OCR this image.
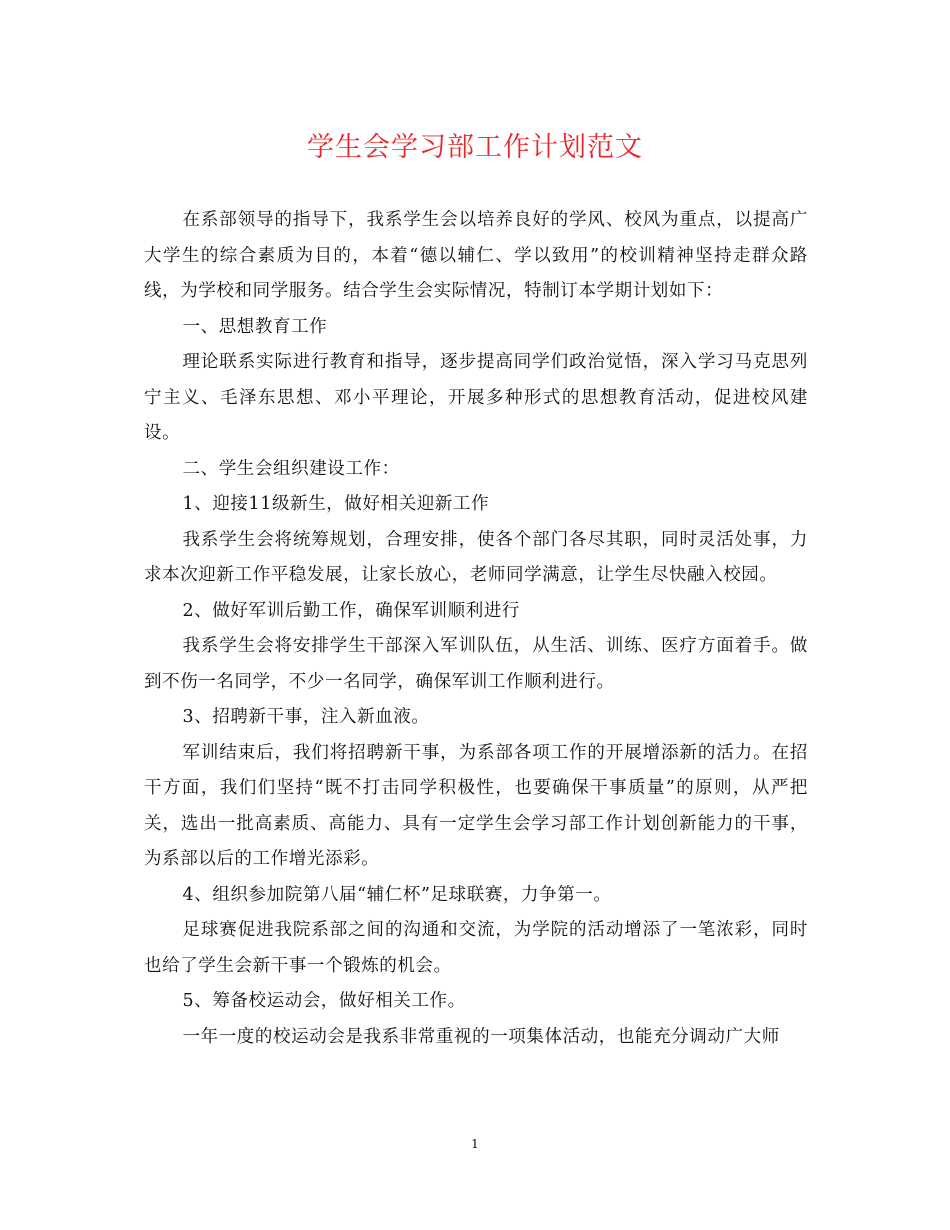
学生会学习部工作计划范文

在系部领导的指导下，我系学生会以培养良好的学风、校风为重点，以提高广大学生的综合素质为目的，本着“德以辅仁、学以致用”的校训精神坚持走群众路线，为学校和同学服务。结合学生会实际情况，特制订本学期计划如下：

一、思想教育工作

理论联系实际进行教育和指导，逐步提高同学们政治觉悟，深入学习马克思列宁主义、毛泽东思想、邓小平理论，开展多种形式的思想教育活动，促进校风建设。

二、学生会组织建设工作：

1、迎接11级新生，做好相关迎新工作

我系学生会将统筹规划，合理安排，使各个部门各尽其职，同时灵活处事，力求本次迎新工作平稳发展，让家长放心，老师同学满意，让学生尽快融入校园。

2、做好军训后勤工作，确保军训顺利进行

我系学生会将安排学生干部深入军训队伍，从生活、训练、医疗方面着手。做到不伤一名同学，不少一名同学，确保军训工作顺利进行。

3、招聘新干事，注入新血液。

军训结束后，我们将招聘新干事，为系部各项工作的开展增添新的活力。在招干方面，我们们坚持“既不打击同学积极性，也要确保干事质量”的原则，从严把关，选出一批高素质、高能力、具有一定学生会学习部工作计划创新能力的干事，为系部以后的工作增光添彩。

4、组织参加院第八届“辅仁杯”足球联赛，力争第一。

足球赛促进我院系部之间的沟通和交流，为学院的活动增添了一笔浓彩，同时也给了学生会新干事一个锻炼的机会。

5、筹备校运动会，做好相关工作。

一年一度的校运动会是我系非常重视的一项集体活动，也能充分调动广大师

1
